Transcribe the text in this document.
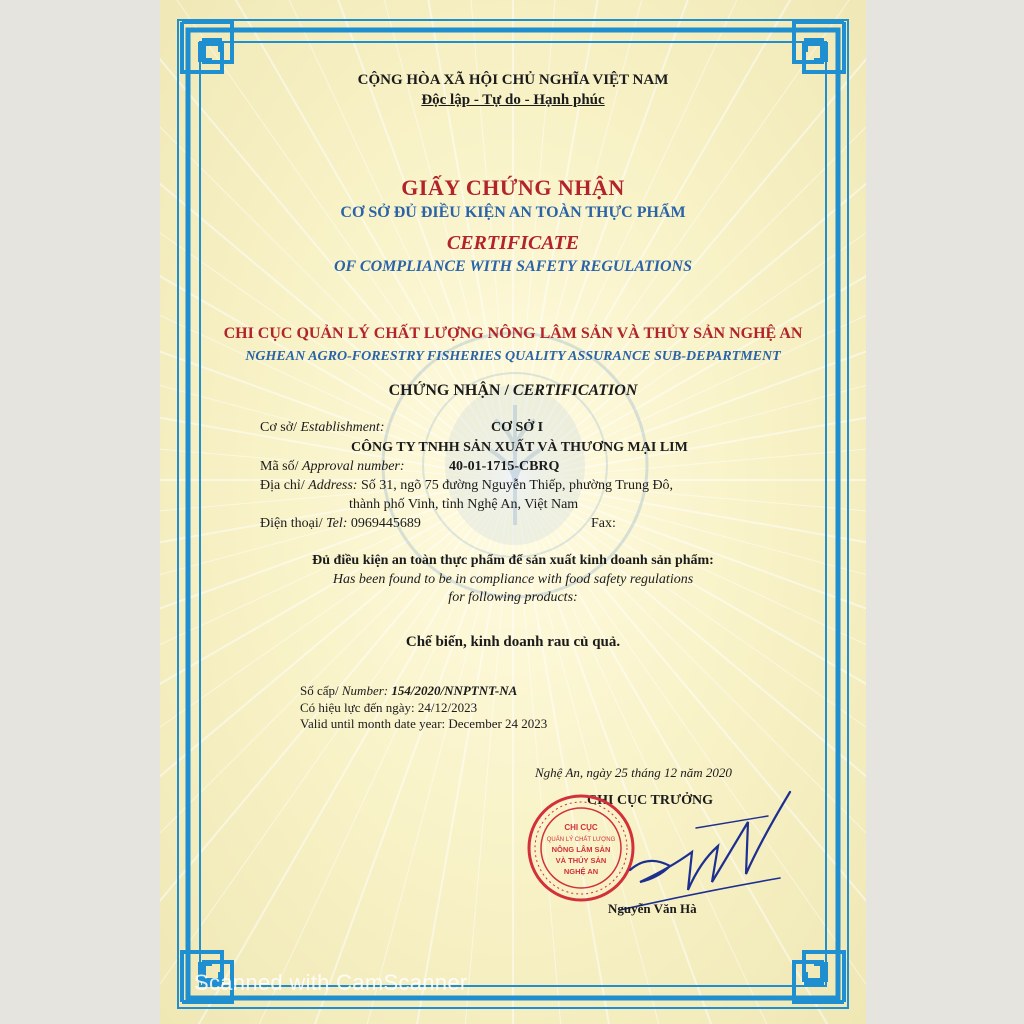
CỘNG HÒA XÃ HỘI CHỦ NGHĨA VIỆT NAM
Độc lập - Tự do - Hạnh phúc
GIẤY CHỨNG NHẬN
CƠ SỞ ĐỦ ĐIỀU KIỆN AN TOÀN THỰC PHẨM
CERTIFICATE
OF COMPLIANCE WITH SAFETY REGULATIONS
CHI CỤC QUẢN LÝ CHẤT LƯỢNG NÔNG LÂM SẢN VÀ THỦY SẢN NGHỆ AN
NGHEAN AGRO-FORESTRY FISHERIES QUALITY ASSURANCE SUB-DEPARTMENT
CHỨNG NHẬN / CERTIFICATION
Cơ sở/ Establishment:	CƠ SỞ I
CÔNG TY TNHH SẢN XUẤT VÀ THƯƠNG MẠI LIM
Mã số/ Approval number:	40-01-1715-CBRQ
Địa chỉ/ Address: Số 31, ngõ 75 đường Nguyễn Thiếp, phường Trung Đô,
thành phố Vinh, tỉnh Nghệ An, Việt Nam
Điện thoại/ Tel: 0969445689	Fax:
Đủ điều kiện an toàn thực phẩm để sản xuất kinh doanh sản phẩm:
Has been found to be in compliance with food safety regulations
for following products:
Chế biến, kinh doanh rau củ quả.
Số cấp/ Number: 154/2020/NNPTNT-NA
Có hiệu lực đến ngày: 24/12/2023
Valid until month date year: December 24 2023
Nghệ An, ngày 25 tháng 12 năm 2020
CHI CỤC TRƯỞNG
CHI CỤC
QUẢN LÝ CHẤT LƯỢNG
NÔNG LÂM SẢN
VÀ THỦY SẢN
NGHỆ AN
Nguyễn Văn Hà
Scanned with CamScanner
